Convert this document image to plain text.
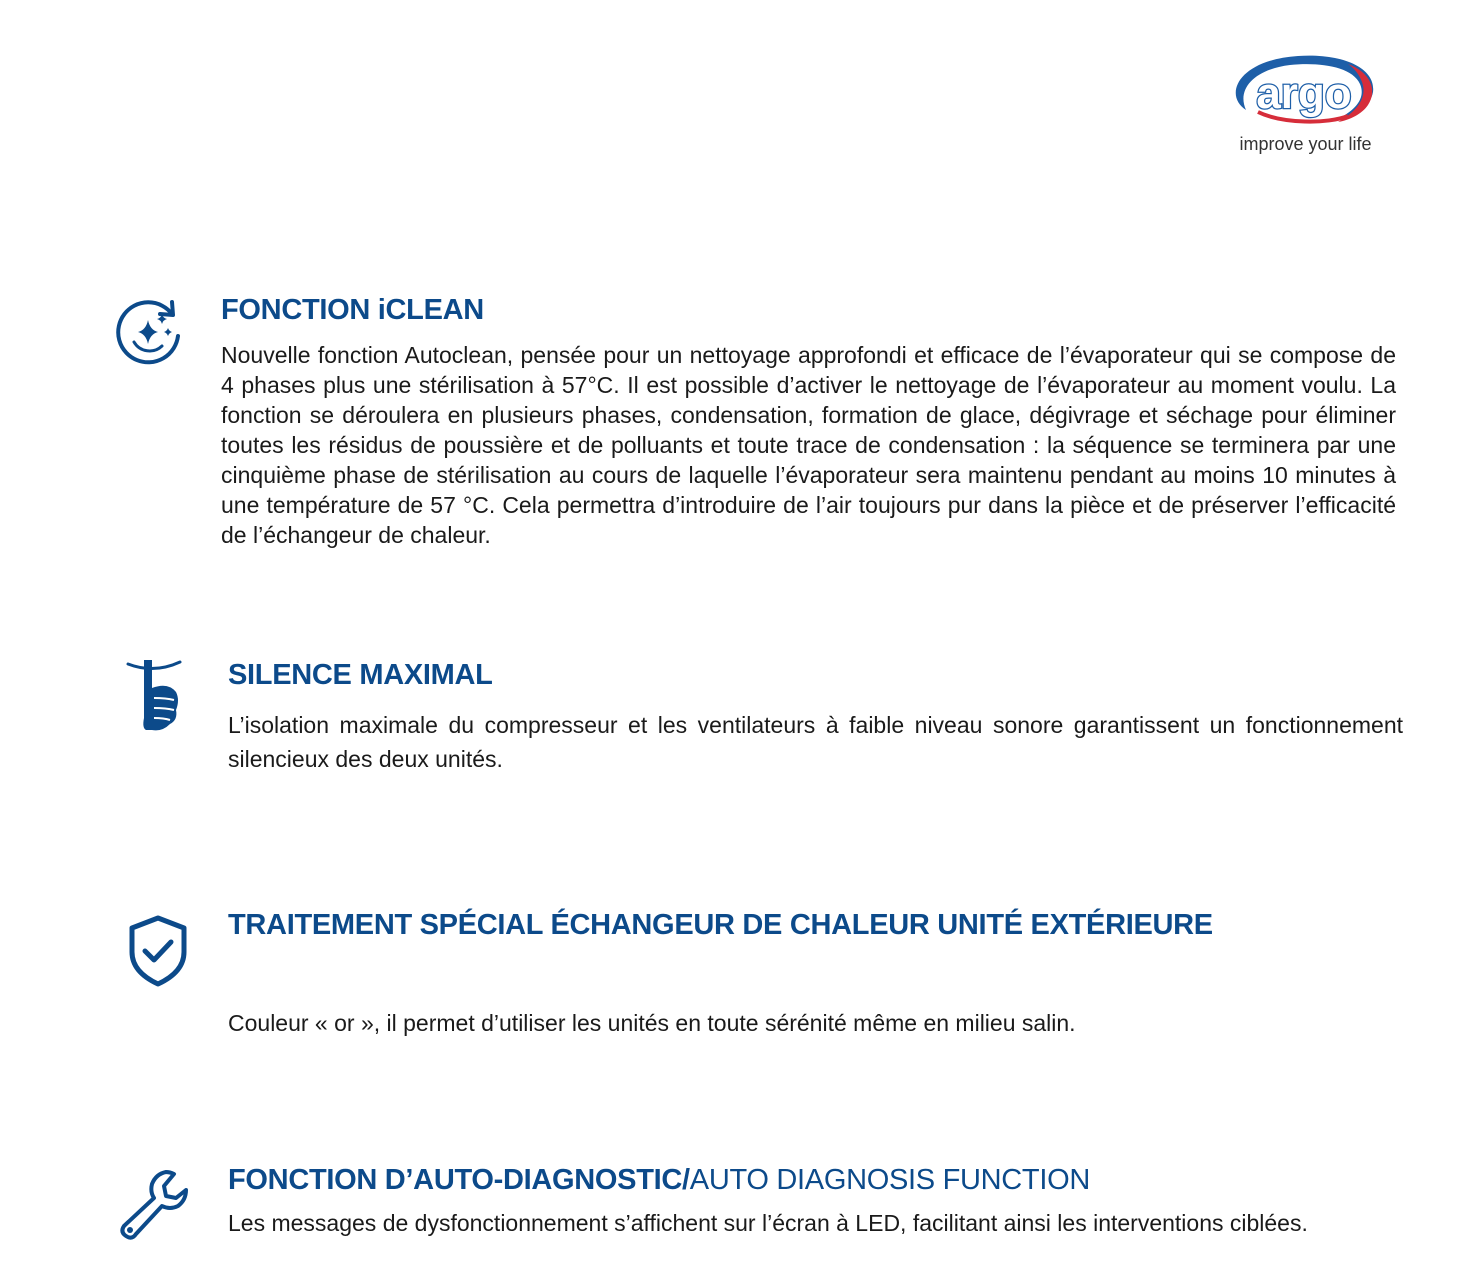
argo
improve your life
FONCTION iCLEAN

Nouvelle fonction Autoclean, pensée pour un nettoyage approfondi et efficace de l’évaporateur qui se compose de 4 phases plus une stérilisation à 57°C. Il est possible d’activer le nettoyage de l’évaporateur au moment voulu. La fonction se déroulera en plusieurs phases, condensation, formation de glace, dégivrage et séchage pour éliminer toutes les résidus de poussière et de polluants et toute trace de condensation : la séquence se terminera par une cinquième phase de stérilisation au cours de laquelle l’évaporateur sera maintenu pendant au moins 10 minutes à une température de 57 °C. Cela permettra d’introduire de l’air toujours pur dans la pièce et de préserver l’efficacité de l’échangeur de chaleur.

SILENCE MAXIMAL

L’isolation maximale du compresseur et les ventilateurs à faible niveau sonore garantissent un fonctionnement silencieux des deux unités.

TRAITEMENT SPÉCIAL ÉCHANGEUR DE CHALEUR UNITÉ EXTÉRIEURE

Couleur « or », il permet d’utiliser les unités en toute sérénité même en milieu salin.

FONCTION D’AUTO-DIAGNOSTIC/AUTO DIAGNOSIS FUNCTION

Les messages de dysfonctionnement s’affichent sur l’écran à LED, facilitant ainsi les interventions ciblées.
